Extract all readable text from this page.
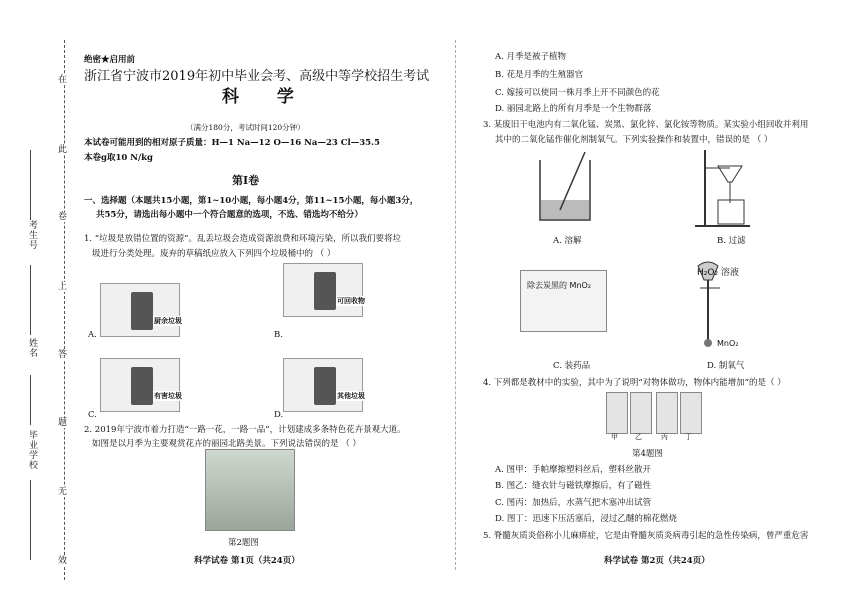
在
此
卷
上
答
题
无
效
考生号
姓名
毕业学校
绝密★启用前
浙江省宁波市2019年初中毕业会考、高级中等学校招生考试
科 学
（满分180分，考试时间120分钟）
本试卷可能用到的相对原子质量：H—1 Na—12 O—16 Na—23 Cl—35.5
本卷g取10 N/kg
第Ⅰ卷
一、选择题（本题共15小题，第1~10小题，每小题4分，第11~15小题，每小题3分，
共55分，请选出每小题中一个符合题意的选项，不选、错选均不给分）
1. “垃圾是放错位置的资源”。乱丢垃圾会造成资源浪费和环境污染，所以我们要将垃
圾进行分类处理。废弃的草稿纸应放入下列四个垃圾桶中的 （ ）
A.
厨余垃圾
B.
可回收物
C.
有害垃圾
D.
其他垃圾
2. 2019年宁波市着力打造“一路一花，一路一品”，计划建成多条特色花卉景观大道。
如图是以月季为主要观赏花卉的丽园北路美景。下列说法错误的是 （ ）
第2题图
科学试卷 第1页（共24页）
A. 月季是被子植物
B. 花是月季的生殖器官
C. 嫁接可以使同一株月季上开不同颜色的花
D. 丽园北路上的所有月季是一个生物群落
3. 某废旧干电池内有二氧化锰、炭黑、氯化锌、氯化铵等物质。某实验小组回收并利用
其中的二氧化锰作催化剂制氧气。下列实验操作和装置中，错误的是 （ ）
A. 溶解	B. 过滤
除去炭黑的 MnO₂
C. 装药品
H₂O₂ 溶液
MnO₂
D. 制氧气
4. 下列都是教材中的实验，其中为了说明“对物体做功，物体内能增加”的是（ ）
甲 乙	丙 丁
第4题图
A. 图甲：手帕摩擦塑料丝后，塑料丝散开
B. 图乙：缝衣针与磁铁摩擦后，有了磁性
C. 图丙：加热后，水蒸气把木塞冲出试管
D. 图丁：迅速下压活塞后，浸过乙醚的棉花燃烧
5. 脊髓灰质炎俗称小儿麻痹症，它是由脊髓灰质炎病毒引起的急性传染病，曾严重危害
科学试卷 第2页（共24页）
